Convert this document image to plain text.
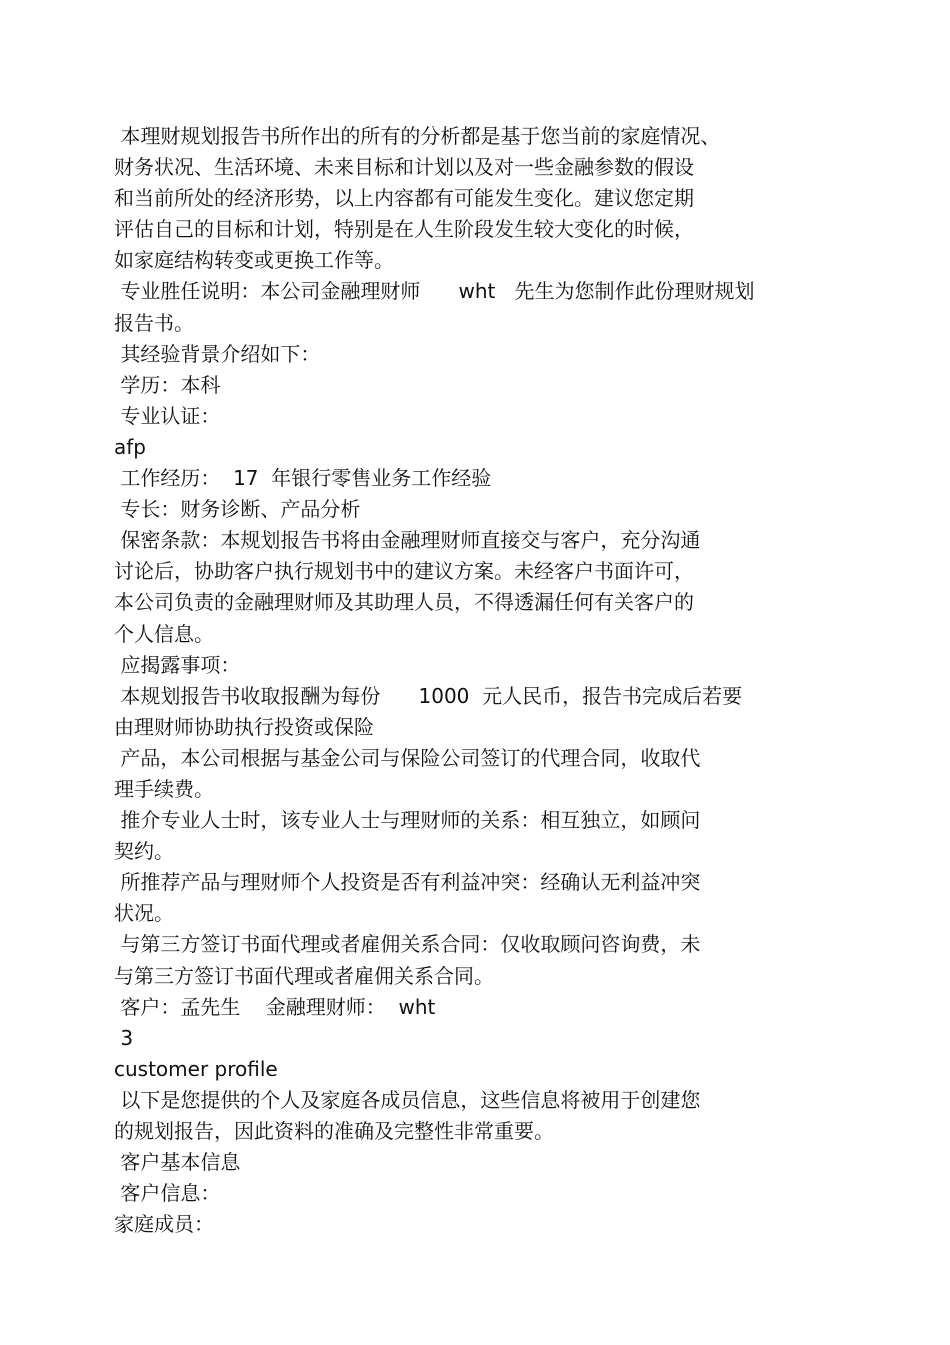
本理财规划报告书所作出的所有的分析都是基于您当前的家庭情况、
财务状况、生活环境、未来目标和计划以及对一些金融参数的假设
和当前所处的经济形势，以上内容都有可能发生变化。建议您定期
评估自己的目标和计划，特别是在人生阶段发生较大变化的时候，
如家庭结构转变或更换工作等。
专业胜任说明：本公司金融理财师      wht   先生为您制作此份理财规划
报告书。
其经验背景介绍如下：
学历：本科
专业认证：
afp
工作经历：  17  年银行零售业务工作经验
专长：财务诊断、产品分析
保密条款：本规划报告书将由金融理财师直接交与客户，充分沟通
讨论后，协助客户执行规划书中的建议方案。未经客户书面许可，
本公司负责的金融理财师及其助理人员，不得透漏任何有关客户的
个人信息。
应揭露事项：
本规划报告书收取报酬为每份      1000  元人民币，报告书完成后若要
由理财师协助执行投资或保险
产品，本公司根据与基金公司与保险公司签订的代理合同，收取代
理手续费。
推介专业人士时，该专业人士与理财师的关系：相互独立，如顾问
契约。
所推荐产品与理财师个人投资是否有利益冲突：经确认无利益冲突
状况。
与第三方签订书面代理或者雇佣关系合同：仅收取顾问咨询费，未
与第三方签订书面代理或者雇佣关系合同。
客户：孟先生    金融理财师：  wht
3
customer profile
以下是您提供的个人及家庭各成员信息，这些信息将被用于创建您
的规划报告，因此资料的准确及完整性非常重要。
客户基本信息
客户信息：
家庭成员：
